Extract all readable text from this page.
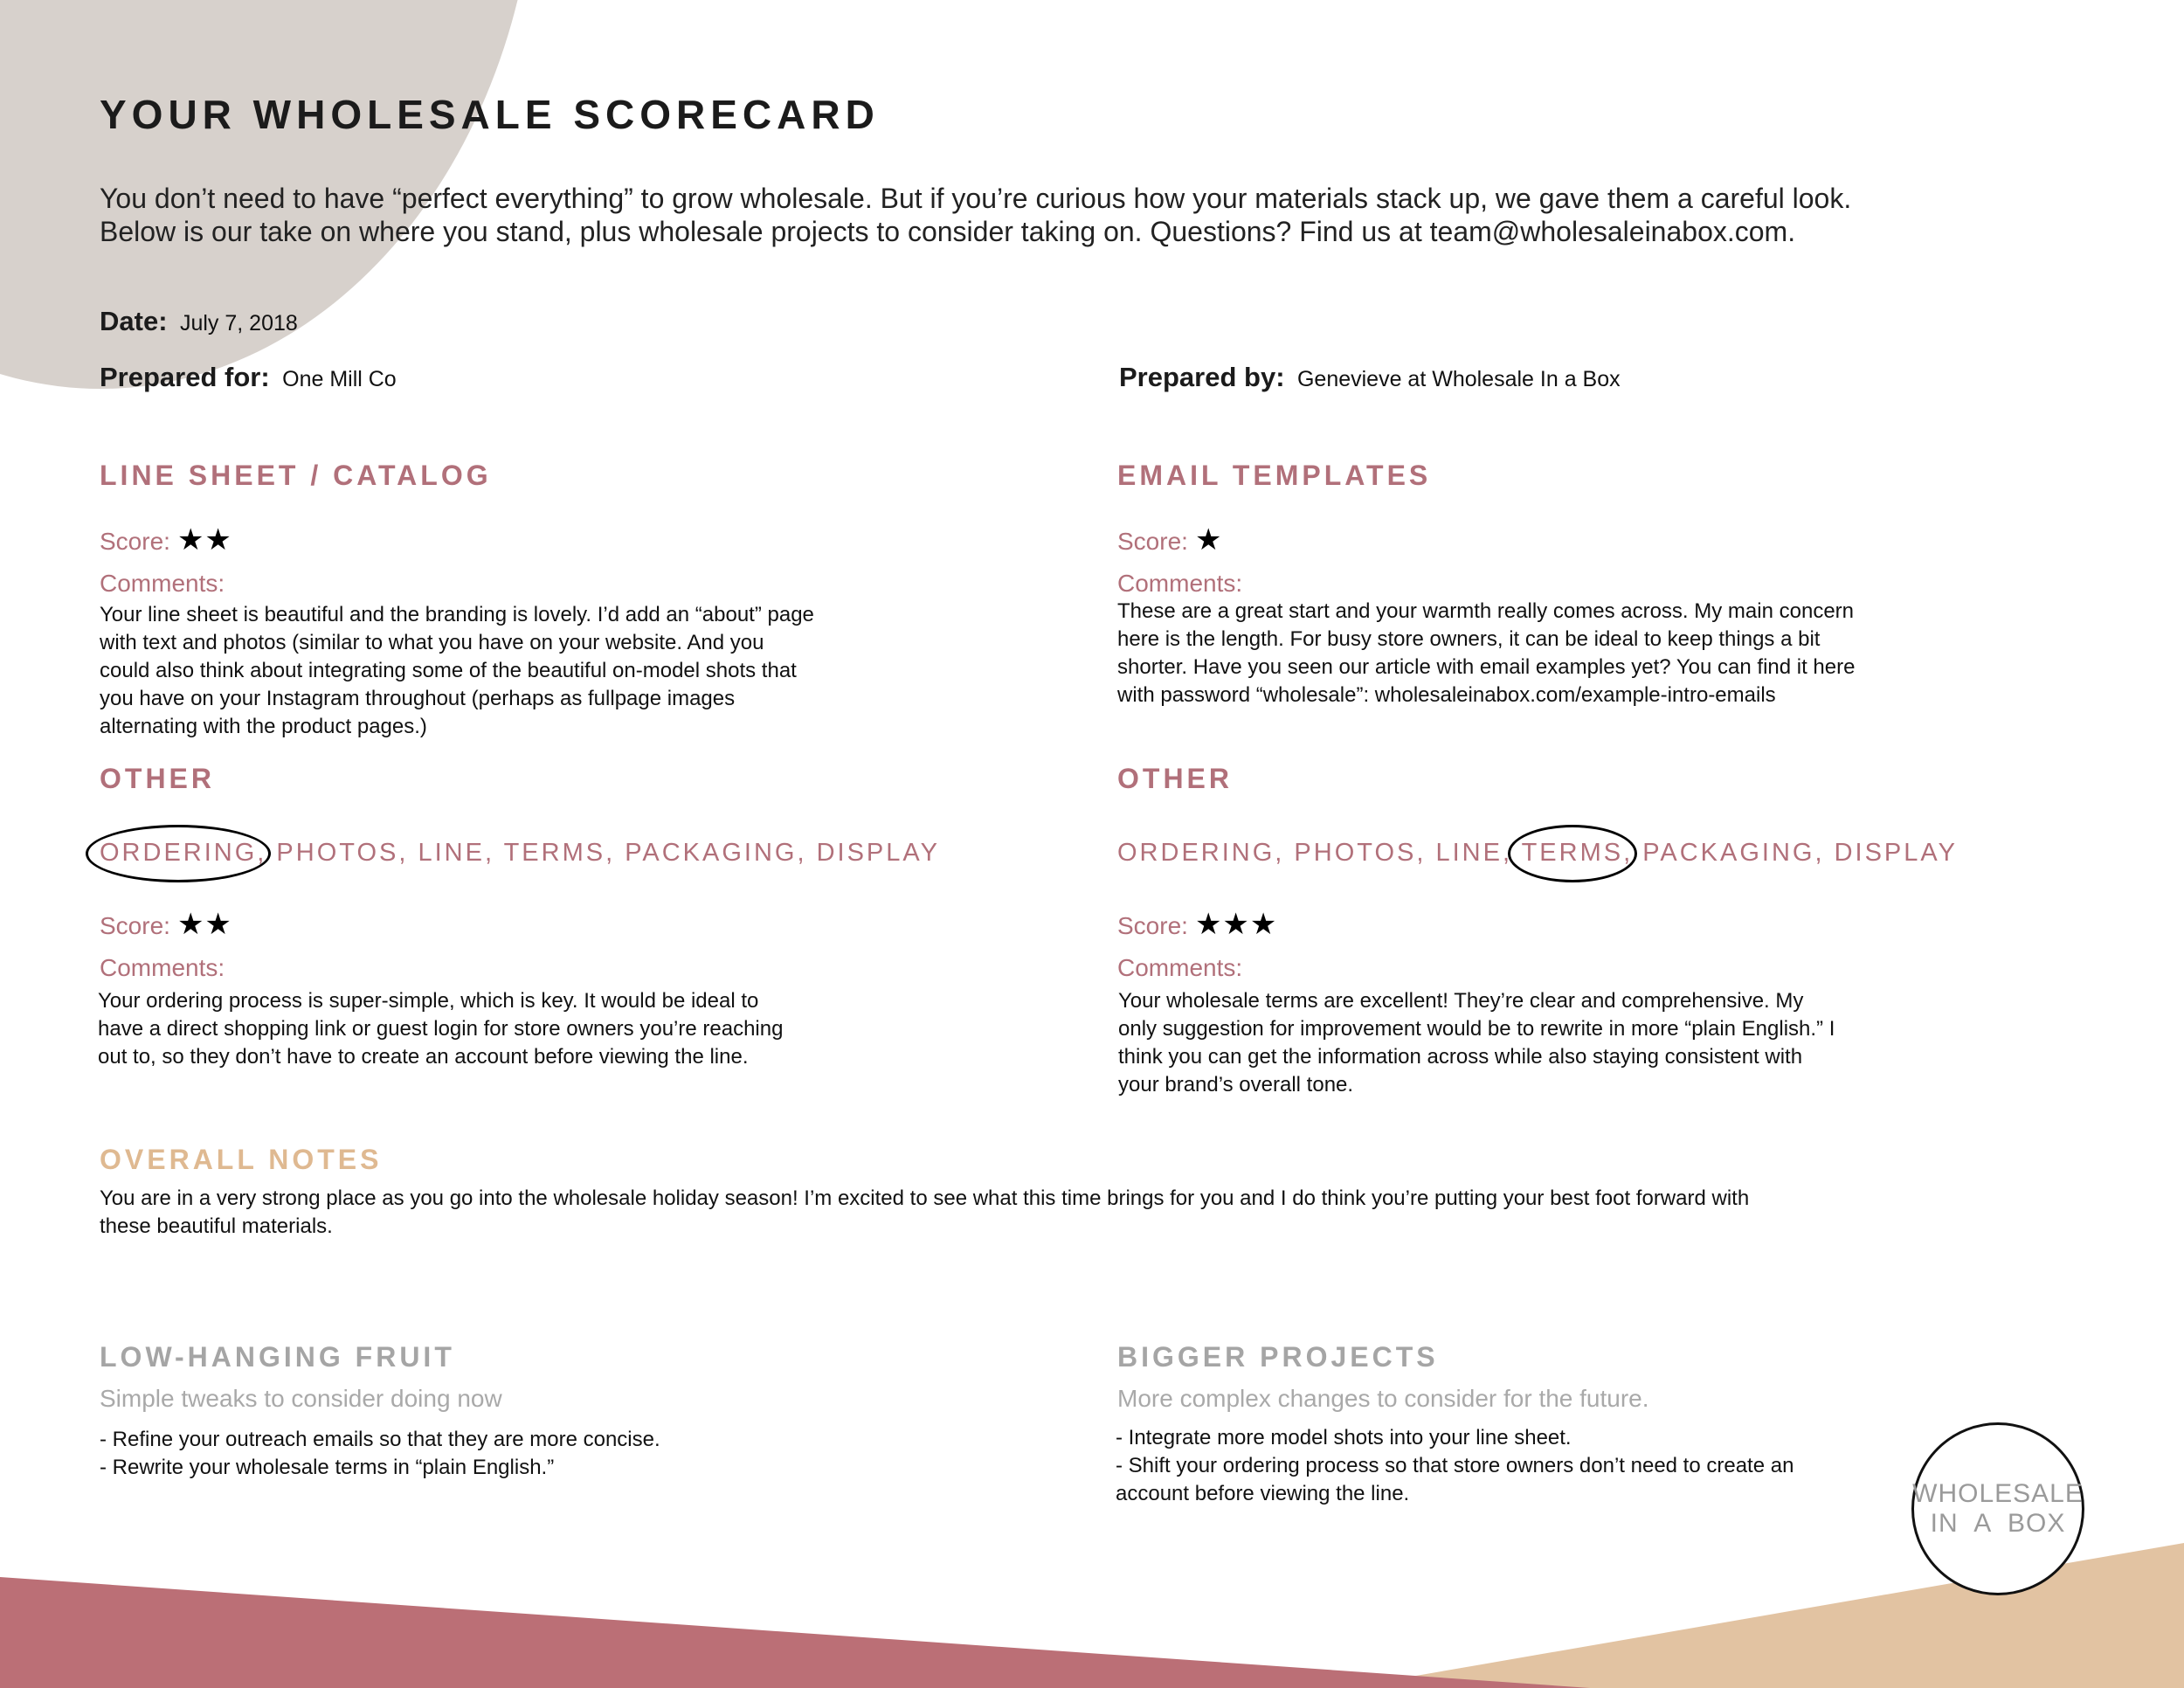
YOUR WHOLESALE SCORECARD
You don’t need to have “perfect everything” to grow wholesale. But if you’re curious how your materials stack up, we gave them a careful look.
Below is our take on where you stand, plus wholesale projects to consider taking on. Questions? Find us at team@wholesaleinabox.com.
Date: July 7, 2018
Prepared for: One Mill Co	Prepared by: Genevieve at Wholesale In a Box
LINE SHEET / CATALOG
Score: ★★
Comments:
Your line sheet is beautiful and the branding is lovely. I’d add an “about” page
with text and photos (similar to what you have on your website. And you
could also think about integrating some of the beautiful on-model shots that
you have on your Instagram throughout (perhaps as fullpage images
alternating with the product pages.)
EMAIL TEMPLATES
Score: ★
Comments:
These are a great start and your warmth really comes across. My main concern
here is the length. For busy store owners, it can be ideal to keep things a bit
shorter. Have you seen our article with email examples yet? You can find it here
with password “wholesale”: wholesaleinabox.com/example-intro-emails
OTHER
ORDERING, PHOTOS, LINE, TERMS, PACKAGING, DISPLAY
Score: ★★
Comments:
Your ordering process is super-simple, which is key. It would be ideal to
have a direct shopping link or guest login for store owners you’re reaching
out to, so they don’t have to create an account before viewing the line.
OTHER
ORDERING, PHOTOS, LINE, TERMS, PACKAGING, DISPLAY
Score: ★★★
Comments:
Your wholesale terms are excellent! They’re clear and comprehensive. My
only suggestion for improvement would be to rewrite in more “plain English.” I
think you can get the information across while also staying consistent with
your brand’s overall tone.
OVERALL NOTES
You are in a very strong place as you go into the wholesale holiday season! I’m excited to see what this time brings for you and I do think you’re putting your best foot forward with
these beautiful materials.
LOW-HANGING FRUIT
Simple tweaks to consider doing now
- Refine your outreach emails so that they are more concise.
- Rewrite your wholesale terms in “plain English.”
BIGGER PROJECTS
More complex changes to consider for the future.
- Integrate more model shots into your line sheet.
- Shift your ordering process so that store owners don’t need to create an
account before viewing the line.	WHOLESALE
IN A BOX
